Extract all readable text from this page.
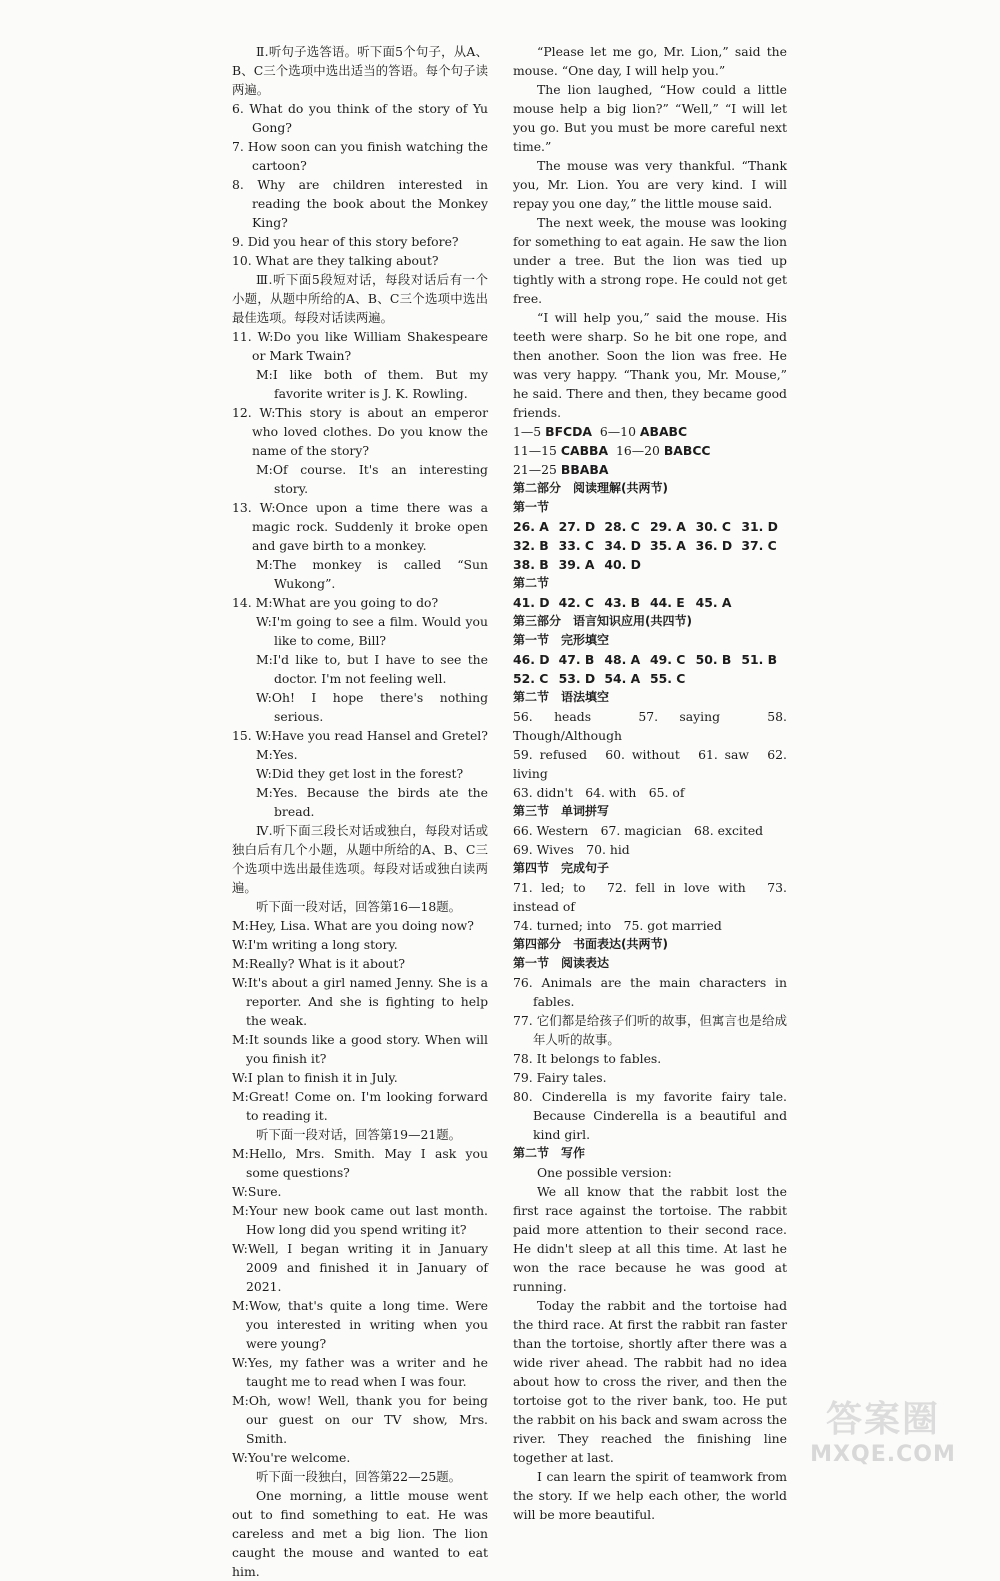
Ⅱ.听句子选答语。听下面5个句子，从A、B、C三个选项中选出适当的答语。每个句子读两遍。

6. What do you think of the story of Yu Gong?

7. How soon can you finish watching the cartoon?

8. Why are children interested in reading the book about the Monkey King?

9. Did you hear of this story before?

10. What are they talking about?

Ⅲ.听下面5段短对话，每段对话后有一个小题，从题中所给的A、B、C三个选项中选出最佳选项。每段对话读两遍。

11. W:Do you like William Shakespeare or Mark Twain?

M:I like both of them. But my favorite writer is J. K. Rowling.

12. W:This story is about an emperor who loved clothes. Do you know the name of the story?

M:Of course. It's an interesting story.

13. W:Once upon a time there was a magic rock. Suddenly it broke open and gave birth to a monkey.

M:The monkey is called “Sun Wukong”.

14. M:What are you going to do?

W:I'm going to see a film. Would you like to come, Bill?

M:I'd like to, but I have to see the doctor. I'm not feeling well.

W:Oh! I hope there's nothing serious.

15. W:Have you read Hansel and Gretel?

M:Yes.

W:Did they get lost in the forest?

M:Yes. Because the birds ate the bread.

Ⅳ.听下面三段长对话或独白，每段对话或独白后有几个小题，从题中所给的A、B、C三个选项中选出最佳选项。每段对话或独白读两遍。

听下面一段对话，回答第16—18题。

M:Hey, Lisa. What are you doing now?

W:I'm writing a long story.

M:Really? What is it about?

W:It's about a girl named Jenny. She is a reporter. And she is fighting to help the weak.

M:It sounds like a good story. When will you finish it?

W:I plan to finish it in July.

M:Great! Come on. I'm looking forward to reading it.

听下面一段对话，回答第19—21题。

M:Hello, Mrs. Smith. May I ask you some questions?

W:Sure.

M:Your new book came out last month. How long did you spend writing it?

W:Well, I began writing it in January 2009 and finished it in January of 2021.

M:Wow, that's quite a long time. Were you interested in writing when you were young?

W:Yes, my father was a writer and he taught me to read when I was four.

M:Oh, wow! Well, thank you for being our guest on our TV show, Mrs. Smith.

W:You're welcome.

听下面一段独白，回答第22—25题。

One morning, a little mouse went out to find something to eat. He was careless and met a big lion. The lion caught the mouse and wanted to eat him.

“Please let me go, Mr. Lion,” said the mouse. “One day, I will help you.”

The lion laughed, “How could a little mouse help a big lion?” “Well,” “I will let you go. But you must be more careful next time.”

The mouse was very thankful. “Thank you, Mr. Lion. You are very kind. I will repay you one day,” the little mouse said.

The next week, the mouse was looking for something to eat again. He saw the lion under a tree. But the lion was tied up tightly with a strong rope. He could not get free.

“I will help you,” said the mouse. His teeth were sharp. So he bit one rope, and then another. Soon the lion was free. He was very happy. “Thank you, Mr. Mouse,” he said. There and then, they became good friends.

1—5 BFCDA 6—10 ABABC
11—15 CABBA 16—20 BABCC
21—25 BBABA

第二部分　阅读理解(共两节)

第一节

26. A 27. D 28. C 29. A 30. C 31. D
32. B 33. C 34. D 35. A 36. D 37. C
38. B 39. A 40. D

第二节

41. D 42. C 43. B 44. E 45. A

第三部分　语言知识应用(共四节)

第一节　完形填空

46. D 47. B 48. A 49. C 50. B 51. B
52. C 53. D 54. A 55. C

第二节　语法填空

56. heads　57. saying　58. Though/Although

59. refused　60. without　61. saw　62. living

63. didn't　64. with　65. of

第三节　单词拼写

66. Western　67. magician　68. excited

69. Wives　70. hid

第四节　完成句子

71. led; to　72. fell in love with　73. instead of

74. turned; into　75. got married

第四部分　书面表达(共两节)

第一节　阅读表达

76. Animals are the main characters in fables.

77. 它们都是给孩子们听的故事，但寓言也是给成年人听的故事。

78. It belongs to fables.

79. Fairy tales.

80. Cinderella is my favorite fairy tale. Because Cinderella is a beautiful and kind girl.

第二节　写作

One possible version:

We all know that the rabbit lost the first race against the tortoise. The rabbit paid more attention to their second race. He didn't sleep at all this time. At last he won the race because he was good at running.

Today the rabbit and the tortoise had the third race. At first the rabbit ran faster than the tortoise, shortly after there was a wide river ahead. The rabbit had no idea about how to cross the river, and then the tortoise got to the river bank, too. He put the rabbit on his back and swam across the river. They reached the finishing line together at last.

I can learn the spirit of teamwork from the story. If we help each other, the world will be more beautiful.

答案圈
MXQE.COM
